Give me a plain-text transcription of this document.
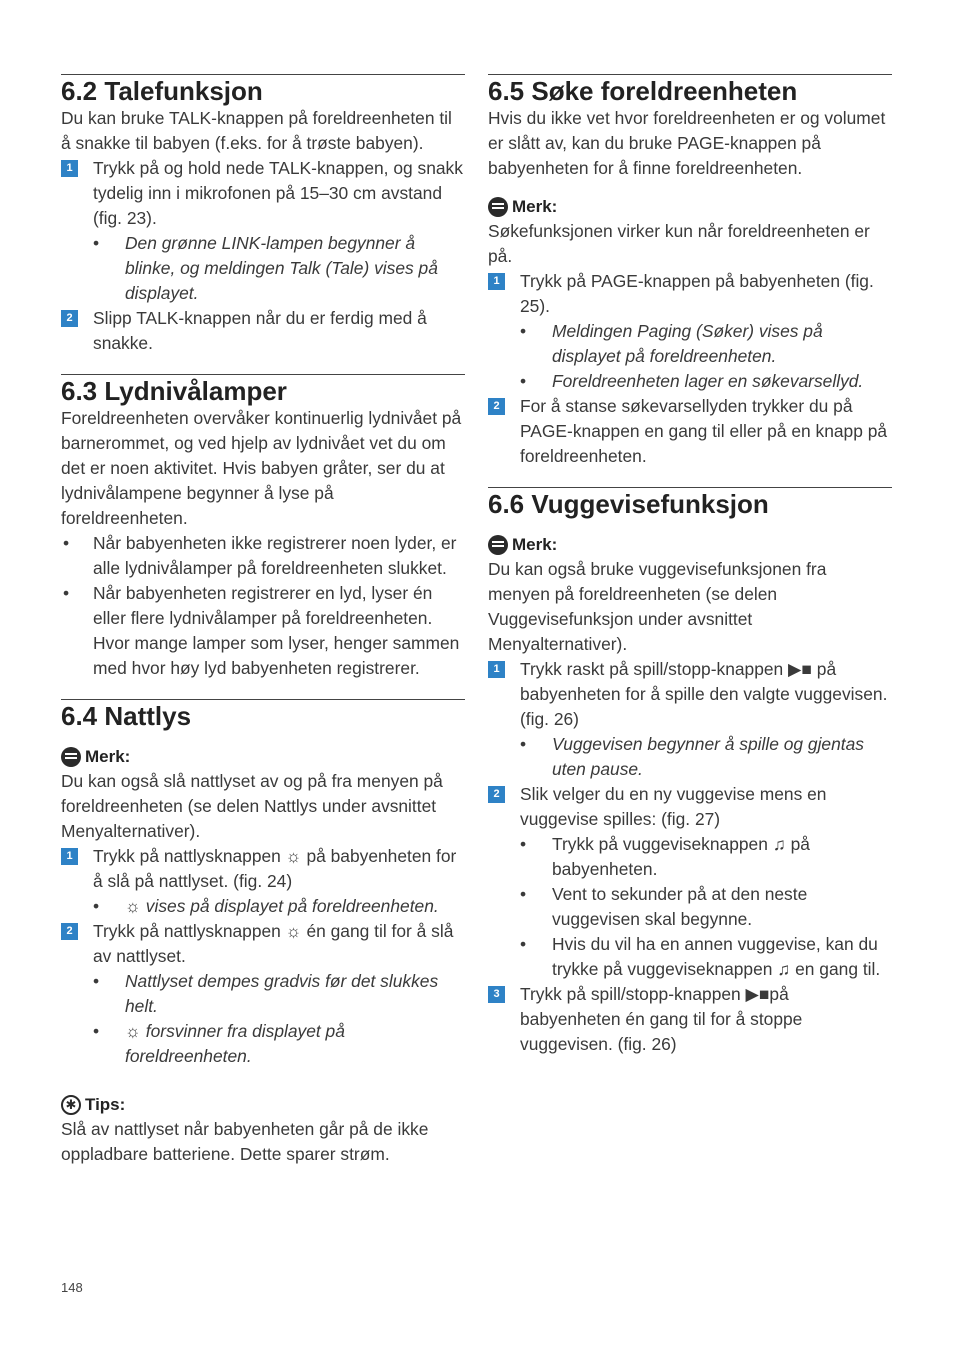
6.2 Talefunksjon

Du kan bruke TALK-knappen på foreldreenheten til å snakke til babyen (f.eks. for å trøste babyen).

1	Trykk på og hold nede TALK-knappen, og snakk tydelig inn i mikrofonen på 15–30 cm avstand (fig. 23).
• Den grønne LINK-lampen begynner å blinke, og meldingen Talk (Tale) vises på displayet.
2	Slipp TALK-knappen når du er ferdig med å snakke.
6.3 Lydnivålamper

Foreldreenheten overvåker kontinuerlig lydnivået på barnerommet, og ved hjelp av lydnivået vet du om det er noen aktivitet. Hvis babyen gråter, ser du at lydnivålampene begynner å lyse på foreldreenheten.

• Når babyenheten ikke registrerer noen lyder, er alle lydnivålamper på foreldreenheten slukket.
• Når babyenheten registrerer en lyd, lyser én eller flere lydnivålamper på foreldreenheten. Hvor mange lamper som lyser, henger sammen med hvor høy lyd babyenheten registrerer.
6.4 Nattlys
Merk:

Du kan også slå nattlyset av og på fra menyen på foreldreenheten (se delen Nattlys under avsnittet Menyalternativer).

1	Trykk på nattlysknappen ☼ på babyenheten for å slå på nattlyset. (fig. 24)
• ☼ vises på displayet på foreldreenheten.
2	Trykk på nattlysknappen ☼ én gang til for å slå av nattlyset.
• Nattlyset dempes gradvis før det slukkes helt.
• ☼ forsvinner fra displayet på foreldreenheten.
✱ Tips:

Slå av nattlyset når babyenheten går på de ikke oppladbare batteriene. Dette sparer strøm.

6.5 Søke foreldreenheten

Hvis du ikke vet hvor foreldreenheten er og volumet er slått av, kan du bruke PAGE-knappen på babyenheten for å finne foreldreenheten.

Merk:

Søkefunksjonen virker kun når foreldreenheten er på.

1	Trykk på PAGE-knappen på babyenheten (fig. 25).
• Meldingen Paging (Søker) vises på displayet på foreldreenheten.
• Foreldreenheten lager en søkevarsellyd.
2	For å stanse søkevarsellyden trykker du på PAGE-knappen en gang til eller på en knapp på foreldreenheten.
6.6 Vuggevisefunksjon
Merk:

Du kan også bruke vuggevisefunksjonen fra menyen på foreldreenheten (se delen Vuggevisefunksjon under avsnittet Menyalternativer).

1	Trykk raskt på spill/stopp-knappen ▶■ på babyenheten for å spille den valgte vuggevisen. (fig. 26)
• Vuggevisen begynner å spille og gjentas uten pause.
2	Slik velger du en ny vuggevise mens en vuggevise spilles: (fig. 27)
• Trykk på vuggeviseknappen ♫ på babyenheten.
• Vent to sekunder på at den neste vuggevisen skal begynne.
• Hvis du vil ha en annen vuggevise, kan du trykke på vuggeviseknappen ♫ en gang til.
3	Trykk på spill/stopp-knappen ▶■på babyenheten én gang til for å stoppe vuggevisen. (fig. 26)
148
